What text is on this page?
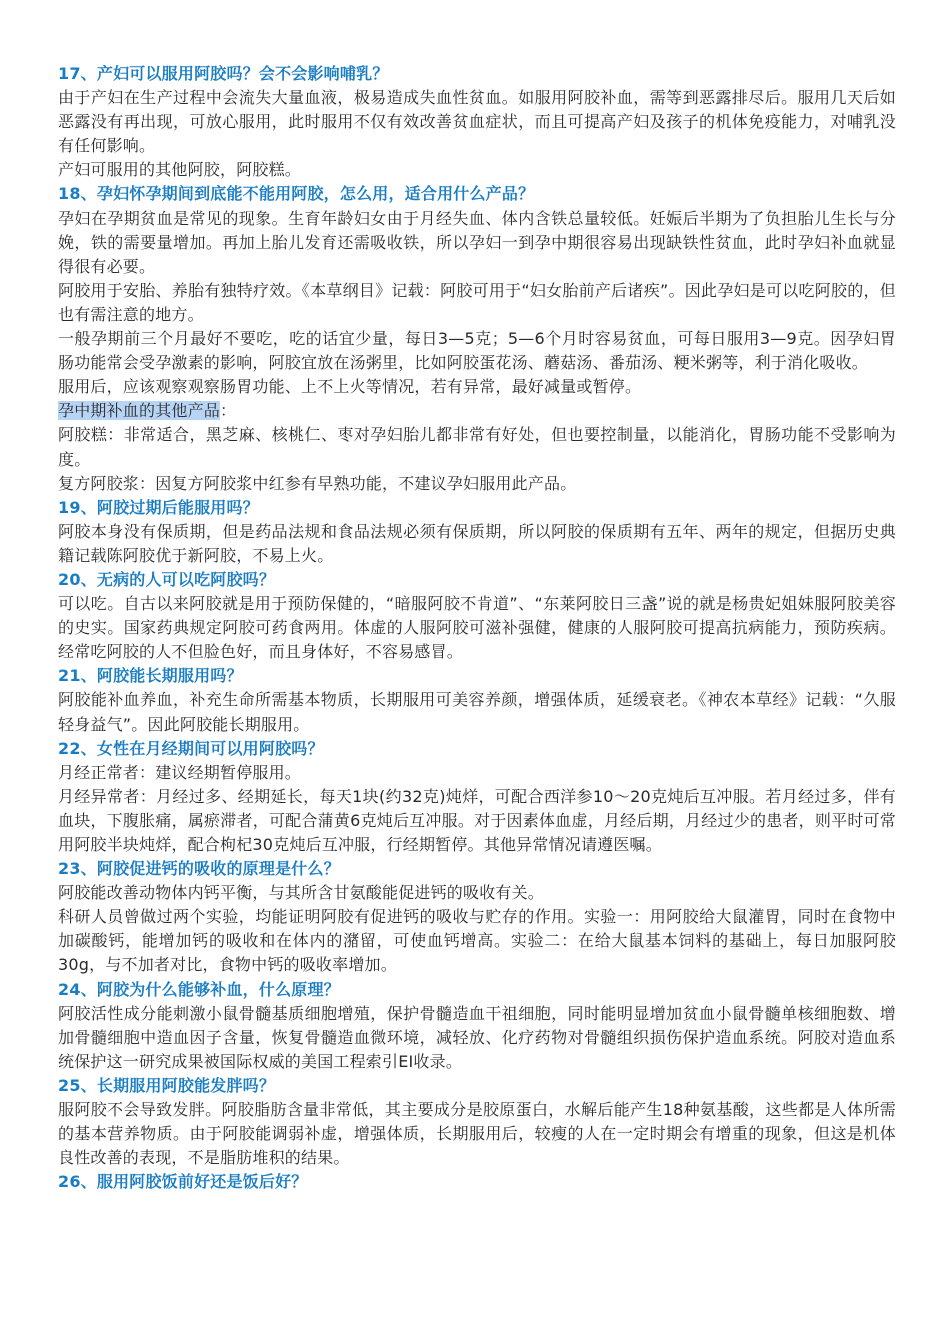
17、产妇可以服用阿胶吗？会不会影响哺乳？

由于产妇在生产过程中会流失大量血液，极易造成失血性贫血。如服用阿胶补血，需等到恶露排尽后。服用几天后如恶露没有再出现，可放心服用，此时服用不仅有效改善贫血症状，而且可提高产妇及孩子的机体免疫能力，对哺乳没有任何影响。

产妇可服用的其他阿胶，阿胶糕。

18、孕妇怀孕期间到底能不能用阿胶，怎么用，适合用什么产品？

孕妇在孕期贫血是常见的现象。生育年龄妇女由于月经失血、体内含铁总量较低。妊娠后半期为了负担胎儿生长与分娩，铁的需要量增加。再加上胎儿发育还需吸收铁，所以孕妇一到孕中期很容易出现缺铁性贫血，此时孕妇补血就显得很有必要。

阿胶用于安胎、养胎有独特疗效。《本草纲目》记载：阿胶可用于“妇女胎前产后诸疾”。因此孕妇是可以吃阿胶的，但也有需注意的地方。

一般孕期前三个月最好不要吃，吃的话宜少量，每日3—5克；5—6个月时容易贫血，可每日服用3—9克。因孕妇胃肠功能常会受孕激素的影响，阿胶宜放在汤粥里，比如阿胶蛋花汤、蘑菇汤、番茄汤、粳米粥等，利于消化吸收。

服用后，应该观察观察肠胃功能、上不上火等情况，若有异常，最好减量或暂停。

孕中期补血的其他产品：

阿胶糕：非常适合，黑芝麻、核桃仁、枣对孕妇胎儿都非常有好处，但也要控制量，以能消化，胃肠功能不受影响为度。

复方阿胶浆：因复方阿胶浆中红参有早熟功能，不建议孕妇服用此产品。

19、阿胶过期后能服用吗？

阿胶本身没有保质期，但是药品法规和食品法规必须有保质期，所以阿胶的保质期有五年、两年的规定，但据历史典籍记载陈阿胶优于新阿胶，不易上火。

20、无病的人可以吃阿胶吗？

可以吃。自古以来阿胶就是用于预防保健的，“暗服阿胶不肯道”、“东莱阿胶日三盏”说的就是杨贵妃姐妹服阿胶美容的史实。国家药典规定阿胶可药食两用。体虚的人服阿胶可滋补强健，健康的人服阿胶可提高抗病能力，预防疾病。经常吃阿胶的人不但脸色好，而且身体好，不容易感冒。

21、阿胶能长期服用吗？

阿胶能补血养血，补充生命所需基本物质，长期服用可美容养颜，增强体质，延缓衰老。《神农本草经》记载：“久服轻身益气”。因此阿胶能长期服用。

22、女性在月经期间可以用阿胶吗？

月经正常者：建议经期暂停服用。

月经异常者：月经过多、经期延长，每天1块(约32克)炖烊，可配合西洋参10～20克炖后互冲服。若月经过多，伴有血块，下腹胀痛，属瘀滞者，可配合蒲黄6克炖后互冲服。对于因素体血虚，月经后期，月经过少的患者，则平时可常用阿胶半块炖烊，配合枸杞30克炖后互冲服，行经期暂停。其他异常情况请遵医嘱。

23、阿胶促进钙的吸收的原理是什么？

阿胶能改善动物体内钙平衡，与其所含甘氨酸能促进钙的吸收有关。

科研人员曾做过两个实验，均能证明阿胶有促进钙的吸收与贮存的作用。实验一：用阿胶给大鼠灌胃，同时在食物中加碳酸钙，能增加钙的吸收和在体内的潴留，可使血钙增高。实验二：在给大鼠基本饲料的基础上，每日加服阿胶30g，与不加者对比，食物中钙的吸收率增加。

24、阿胶为什么能够补血，什么原理？

阿胶活性成分能刺激小鼠骨髓基质细胞增殖，保护骨髓造血干祖细胞，同时能明显增加贫血小鼠骨髓单核细胞数、增加骨髓细胞中造血因子含量，恢复骨髓造血微环境，减轻放、化疗药物对骨髓组织损伤保护造血系统。阿胶对造血系统保护这一研究成果被国际权威的美国工程索引EI收录。

25、长期服用阿胶能发胖吗？

服阿胶不会导致发胖。阿胶脂肪含量非常低，其主要成分是胶原蛋白，水解后能产生18种氨基酸，这些都是人体所需的基本营养物质。由于阿胶能调弱补虚，增强体质，长期服用后，较瘦的人在一定时期会有增重的现象，但这是机体良性改善的表现，不是脂肪堆积的结果。

26、服用阿胶饭前好还是饭后好？
